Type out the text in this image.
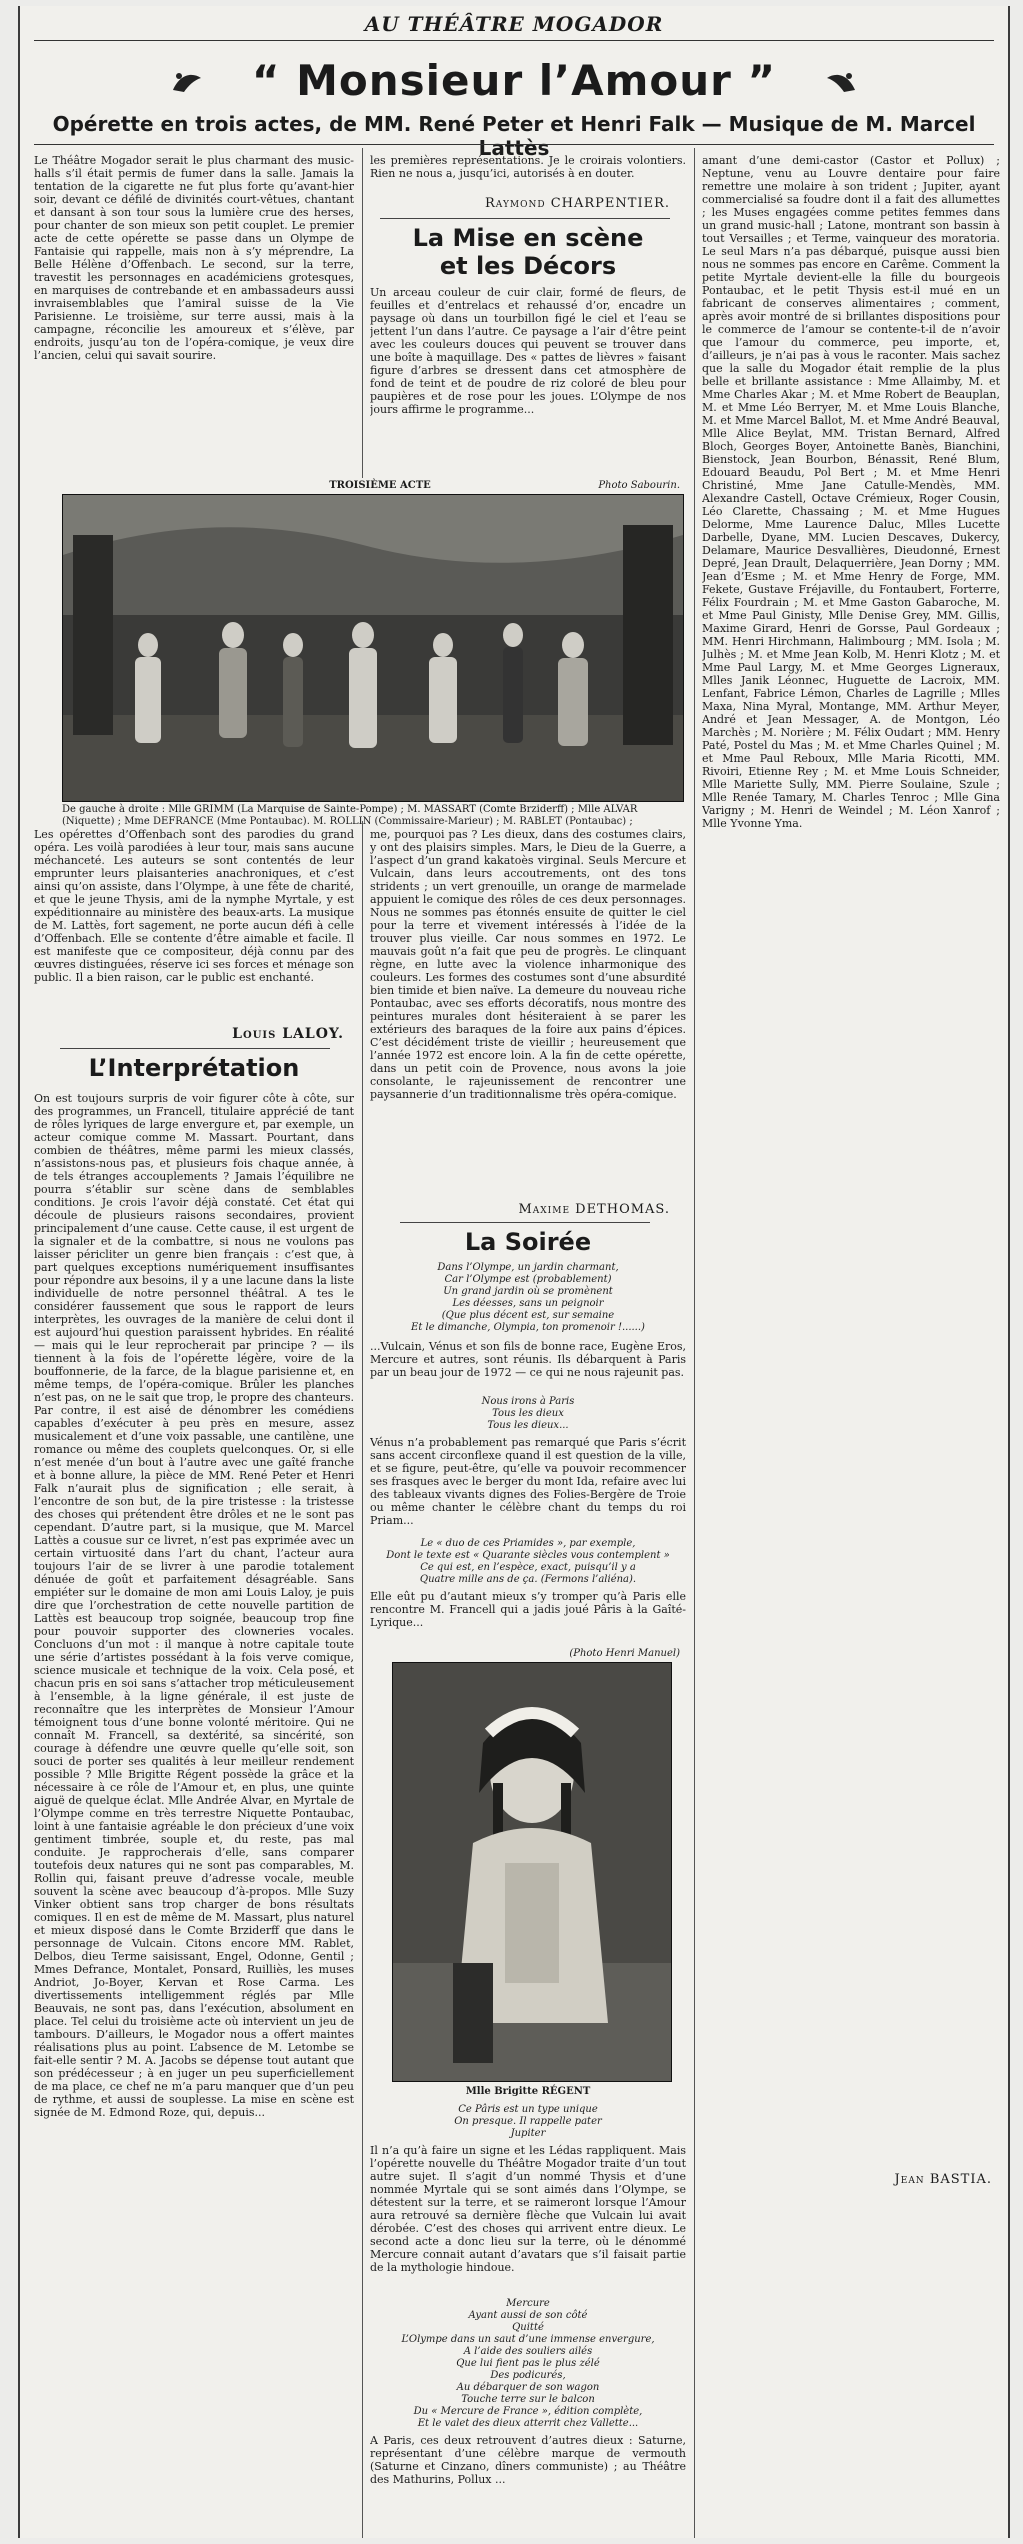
AU THÉÂTRE MOGADOR
“ Monsieur l’Amour ”
Opérette en trois actes, de MM. René Peter et Henri Falk — Musique de M. Marcel Lattès
Le Théâtre Mogador serait le plus charmant des music-halls s’il était permis de fumer dans la salle. Jamais la tentation de la cigarette ne fut plus forte qu’avant-hier soir, devant ce défilé de divinités court-vêtues, chantant et dansant à son tour sous la lumière crue des herses, pour chanter de son mieux son petit couplet. Le premier acte de cette opérette se passe dans un Olympe de Fantaisie qui rappelle, mais non à s’y méprendre, La Belle Hélène d’Offenbach. Le second, sur la terre, travestit les personnages en académiciens grotesques, en marquises de contrebande et en ambassadeurs aussi invraisemblables que l’amiral suisse de la Vie Parisienne. Le troisième, sur terre aussi, mais à la campagne, réconcilie les amoureux et s’élève, par endroits, jusqu’au ton de l’opéra-comique, je veux dire l’ancien, celui qui savait sourire.
les premières représentations. Je le croirais volontiers. Rien ne nous a, jusqu’ici, autorisés à en douter.
Raymond CHARPENTIER.
La Mise en scène
et les Décors
Un arceau couleur de cuir clair, formé de fleurs, de feuilles et d’entrelacs et rehaussé d’or, encadre un paysage où dans un tourbillon figé le ciel et l’eau se jettent l’un dans l’autre. Ce paysage a l’air d’être peint avec les couleurs douces qui peuvent se trouver dans une boîte à maquillage. Des « pattes de lièvres » faisant figure d’arbres se dressent dans cet atmosphère de fond de teint et de poudre de riz coloré de bleu pour paupières et de rose pour les joues. L’Olympe de nos jours affirme le programme...
TROISIÈME ACTE	Photo Sabourin.
De gauche à droite : Mlle GRIMM (La Marquise de Sainte-Pompe) ; M. MASSART (Comte Brziderff) ; Mlle ALVAR (Niquette) ; Mme DEFRANCE (Mme Pontaubac). M. ROLLIN (Commissaire-Marieur) ; M. RABLET (Pontaubac) ;
Les opérettes d’Offenbach sont des parodies du grand opéra. Les voilà parodiées à leur tour, mais sans aucune méchanceté. Les auteurs se sont contentés de leur emprunter leurs plaisanteries anachroniques, et c’est ainsi qu’on assiste, dans l’Olympe, à une fête de charité, et que le jeune Thysis, ami de la nymphe Myrtale, y est expéditionnaire au ministère des beaux-arts. La musique de M. Lattès, fort sagement, ne porte aucun défi à celle d’Offenbach. Elle se contente d’être aimable et facile. Il est manifeste que ce compositeur, déjà connu par des œuvres distinguées, réserve ici ses forces et ménage son public. Il a bien raison, car le public est enchanté.
Louis LALOY.
L’Interprétation
On est toujours surpris de voir figurer côte à côte, sur des programmes, un Francell, titulaire apprécié de tant de rôles lyriques de large envergure et, par exemple, un acteur comique comme M. Massart. Pourtant, dans combien de théâtres, même parmi les mieux classés, n’assistons-nous pas, et plusieurs fois chaque année, à de tels étranges accouplements ? Jamais l’équilibre ne pourra s’établir sur scène dans de semblables conditions. Je crois l’avoir déjà constaté. Cet état qui découle de plusieurs raisons secondaires, provient principalement d’une cause. Cette cause, il est urgent de la signaler et de la combattre, si nous ne voulons pas laisser péricliter un genre bien français : c’est que, à part quelques exceptions numériquement insuffisantes pour répondre aux besoins, il y a une lacune dans la liste individuelle de notre personnel théâtral. A tes le considérer faussement que sous le rapport de leurs interprètes, les ouvrages de la manière de celui dont il est aujourd’hui question paraissent hybrides. En réalité — mais qui le leur reprocherait par principe ? — ils tiennent à la fois de l’opérette légère, voire de la bouffonnerie, de la farce, de la blague parisienne et, en même temps, de l’opéra-comique. Brûler les planches n’est pas, on ne le sait que trop, le propre des chanteurs. Par contre, il est aisé de dénombrer les comédiens capables d’exécuter à peu près en mesure, assez musicalement et d’une voix passable, une cantilène, une romance ou même des couplets quelconques. Or, si elle n’est menée d’un bout à l’autre avec une gaîté franche et à bonne allure, la pièce de MM. René Peter et Henri Falk n’aurait plus de signification ; elle serait, à l’encontre de son but, de la pire tristesse : la tristesse des choses qui prétendent être drôles et ne le sont pas cependant. D’autre part, si la musique, que M. Marcel Lattès a cousue sur ce livret, n’est pas exprimée avec un certain virtuosité dans l’art du chant, l’acteur aura toujours l’air de se livrer à une parodie totalement dénuée de goût et parfaitement désagréable. Sans empiéter sur le domaine de mon ami Louis Laloy, je puis dire que l’orchestration de cette nouvelle partition de Lattès est beaucoup trop soignée, beaucoup trop fine pour pouvoir supporter des clowneries vocales. Concluons d’un mot : il manque à notre capitale toute une série d’artistes possédant à la fois verve comique, science musicale et technique de la voix. Cela posé, et chacun pris en soi sans s’attacher trop méticuleusement à l’ensemble, à la ligne générale, il est juste de reconnaître que les interprètes de Monsieur l’Amour témoignent tous d’une bonne volonté méritoire. Qui ne connaît M. Francell, sa dextérité, sa sincérité, son courage à défendre une œuvre quelle qu’elle soit, son souci de porter ses qualités à leur meilleur rendement possible ? Mlle Brigitte Régent possède la grâce et la nécessaire à ce rôle de l’Amour et, en plus, une quinte aiguë de quelque éclat. Mlle Andrée Alvar, en Myrtale de l’Olympe comme en très terrestre Niquette Pontaubac, loint à une fantaisie agréable le don précieux d’une voix gentiment timbrée, souple et, du reste, pas mal conduite. Je rapprocherais d’elle, sans comparer toutefois deux natures qui ne sont pas comparables, M. Rollin qui, faisant preuve d’adresse vocale, meuble souvent la scène avec beaucoup d’à-propos. Mlle Suzy Vinker obtient sans trop charger de bons résultats comiques. Il en est de même de M. Massart, plus naturel et mieux disposé dans le Comte Brziderff que dans le personnage de Vulcain. Citons encore MM. Rablet, Delbos, dieu Terme saisissant, Engel, Odonne, Gentil ; Mmes Defrance, Montalet, Ponsard, Ruilliès, les muses Andriot, Jo-Boyer, Kervan et Rose Carma. Les divertissements intelligemment réglés par Mlle Beauvais, ne sont pas, dans l’exécution, absolument en place. Tel celui du troisième acte où intervient un jeu de tambours. D’ailleurs, le Mogador nous a offert maintes réalisations plus au point. L’absence de M. Letombe se fait-elle sentir ? M. A. Jacobs se dépense tout autant que son prédécesseur ; à en juger un peu superficiellement de ma place, ce chef ne m’a paru manquer que d’un peu de rythme, et aussi de souplesse. La mise en scène est signée de M. Edmond Roze, qui, depuis...
me, pourquoi pas ? Les dieux, dans des costumes clairs, y ont des plaisirs simples. Mars, le Dieu de la Guerre, a l’aspect d’un grand kakatoès virginal. Seuls Mercure et Vulcain, dans leurs accoutrements, ont des tons stridents ; un vert grenouille, un orange de marmelade appuient le comique des rôles de ces deux personnages. Nous ne sommes pas étonnés ensuite de quitter le ciel pour la terre et vivement intéressés à l’idée de la trouver plus vieille. Car nous sommes en 1972. Le mauvais goût n’a fait que peu de progrès. Le clinquant règne, en lutte avec la violence inharmonique des couleurs. Les formes des costumes sont d’une absurdité bien timide et bien naïve. La demeure du nouveau riche Pontaubac, avec ses efforts décoratifs, nous montre des peintures murales dont hésiteraient à se parer les extérieurs des baraques de la foire aux pains d’épices. C’est décidément triste de vieillir ; heureusement que l’année 1972 est encore loin. A la fin de cette opérette, dans un petit coin de Provence, nous avons la joie consolante, le rajeunissement de rencontrer une paysannerie d’un traditionnalisme très opéra-comique.
Maxime DETHOMAS.
La Soirée
Dans l’Olympe, un jardin charmant,
Car l’Olympe est (probablement)
Un grand jardin où se promènent
Les déesses, sans un peignoir
(Que plus décent est, sur semaine
Et le dimanche, Olympia, ton promenoir !......)
...Vulcain, Vénus et son fils de bonne race, Eugène Eros, Mercure et autres, sont réunis. Ils débarquent à Paris par un beau jour de 1972 — ce qui ne nous rajeunit pas.
Nous irons à Paris
Tous les dieux
Tous les dieux...
Vénus n’a probablement pas remarqué que Paris s’écrit sans accent circonflexe quand il est question de la ville, et se figure, peut-être, qu’elle va pouvoir recommencer ses frasques avec le berger du mont Ida, refaire avec lui des tableaux vivants dignes des Folies-Bergère de Troie ou même chanter le célèbre chant du temps du roi Priam...
Le « duo de ces Priamides », par exemple,
Dont le texte est « Quarante siècles vous contemplent »
Ce qui est, en l’espèce, exact, puisqu’il y a
Quatre mille ans de ça. (Fermons l’aliéna).
Elle eût pu d’autant mieux s’y tromper qu’à Paris elle rencontre M. Francell qui a jadis joué Pâris à la Gaîté-Lyrique...
(Photo Henri Manuel)
Mlle Brigitte RÉGENT
Ce Pâris est un type unique
On presque. Il rappelle pater
Jupiter
Il n’a qu’à faire un signe et les Lédas rappliquent. Mais l’opérette nouvelle du Théâtre Mogador traite d’un tout autre sujet. Il s’agit d’un nommé Thysis et d’une nommée Myrtale qui se sont aimés dans l’Olympe, se détestent sur la terre, et se raimeront lorsque l’Amour aura retrouvé sa dernière flèche que Vulcain lui avait dérobée. C’est des choses qui arrivent entre dieux. Le second acte a donc lieu sur la terre, où le dénommé Mercure connait autant d’avatars que s’il faisait partie de la mythologie hindoue.
Mercure
Ayant aussi de son côté
Quitté
L’Olympe dans un saut d’une immense envergure,
A l’aide des souliers ailés
Que lui fient pas le plus zélé
Des podicurés,
Au débarquer de son wagon
Touche terre sur le balcon
Du « Mercure de France », édition complète,
Et le valet des dieux atterrit chez Vallette...
A Paris, ces deux retrouvent d’autres dieux : Saturne, représentant d’une célèbre marque de vermouth (Saturne et Cinzano, dîners communiste) ; au Théâtre des Mathurins, Pollux ...
amant d’une demi-castor (Castor et Pollux) ; Neptune, venu au Louvre dentaire pour faire remettre une molaire à son trident ; Jupiter, ayant commercialisé sa foudre dont il a fait des allumettes ; les Muses engagées comme petites femmes dans un grand music-hall ; Latone, montrant son bassin à tout Versailles ; et Terme, vainqueur des moratoria. Le seul Mars n’a pas débarqué, puisque aussi bien nous ne sommes pas encore en Carême. Comment la petite Myrtale devient-elle la fille du bourgeois Pontaubac, et le petit Thysis est-il mué en un fabricant de conserves alimentaires ; comment, après avoir montré de si brillantes dispositions pour le commerce de l’amour se contente-t-il de n’avoir que l’amour du commerce, peu importe, et, d’ailleurs, je n’ai pas à vous le raconter. Mais sachez que la salle du Mogador était remplie de la plus belle et brillante assistance : Mme Allaimby, M. et Mme Charles Akar ; M. et Mme Robert de Beauplan, M. et Mme Léo Berryer, M. et Mme Louis Blanche, M. et Mme Marcel Ballot, M. et Mme André Beauval, Mlle Alice Beylat, MM. Tristan Bernard, Alfred Bloch, Georges Boyer, Antoinette Banès, Bianchini, Bienstock, Jean Bourbon, Bénassit, René Blum, Edouard Beaudu, Pol Bert ; M. et Mme Henri Christiné, Mme Jane Catulle-Mendès, MM. Alexandre Castell, Octave Crémieux, Roger Cousin, Léo Clarette, Chassaing ; M. et Mme Hugues Delorme, Mme Laurence Daluc, Mlles Lucette Darbelle, Dyane, MM. Lucien Descaves, Dukercy, Delamare, Maurice Desvallières, Dieudonné, Ernest Depré, Jean Drault, Delaquerrière, Jean Dorny ; MM. Jean d’Esme ; M. et Mme Henry de Forge, MM. Fekete, Gustave Fréjaville, du Fontaubert, Forterre, Félix Fourdrain ; M. et Mme Gaston Gabaroche, M. et Mme Paul Ginisty, Mlle Denise Grey, MM. Gillis, Maxime Girard, Henri de Gorsse, Paul Gordeaux ; MM. Henri Hirchmann, Halimbourg ; MM. Isola ; M. Julhès ; M. et Mme Jean Kolb, M. Henri Klotz ; M. et Mme Paul Largy, M. et Mme Georges Ligneraux, Mlles Janik Léonnec, Huguette de Lacroix, MM. Lenfant, Fabrice Lémon, Charles de Lagrille ; Mlles Maxa, Nina Myral, Montange, MM. Arthur Meyer, André et Jean Messager, A. de Montgon, Léo Marchès ; M. Norière ; M. Félix Oudart ; MM. Henry Paté, Postel du Mas ; M. et Mme Charles Quinel ; M. et Mme Paul Reboux, Mlle Maria Ricotti, MM. Rivoiri, Etienne Rey ; M. et Mme Louis Schneider, Mlle Mariette Sully, MM. Pierre Soulaine, Szule ; Mlle Renée Tamary, M. Charles Tenroc ; Mlle Gina Varigny ; M. Henri de Weindel ; M. Léon Xanrof ; Mlle Yvonne Yma.
Jean BASTIA.
